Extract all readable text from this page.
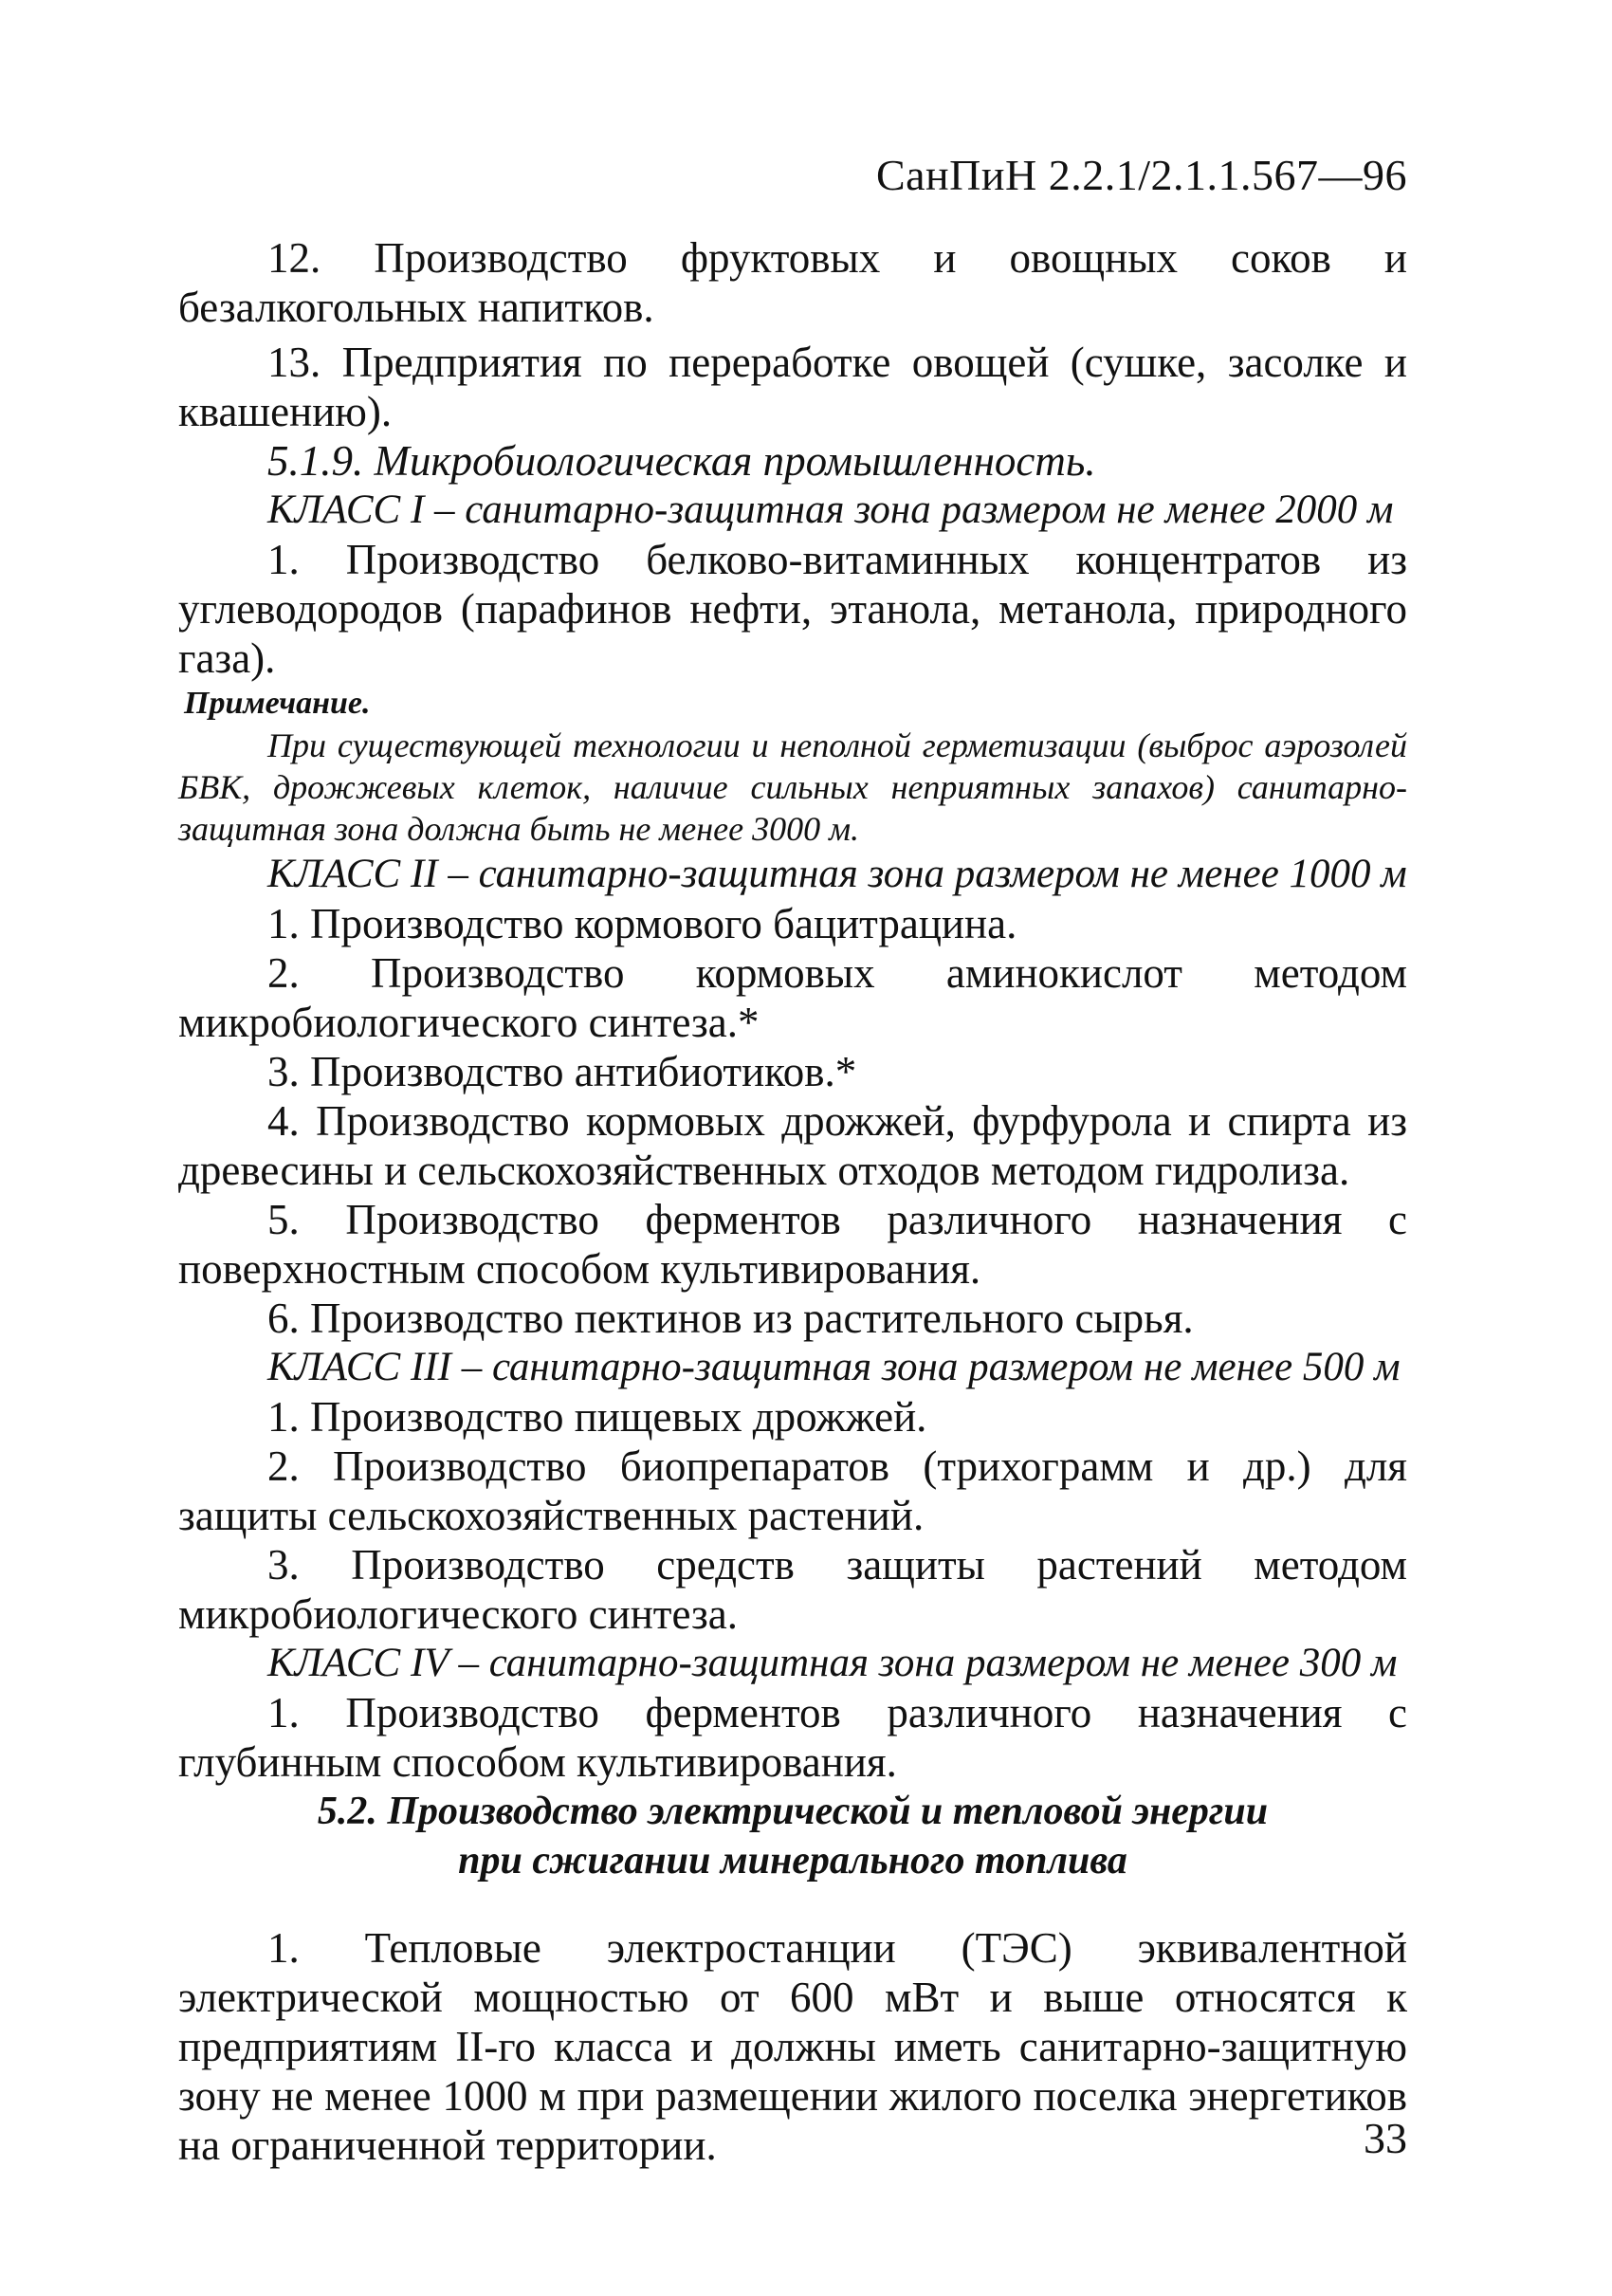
СанПиН 2.2.1/2.1.1.567—96

12. Производство фруктовых и овощных соков и безалкогольных напитков.

13. Предприятия по переработке овощей (сушке, засолке и квашению).

5.1.9. Микробиологическая промышленность.

КЛАСС I – санитарно-защитная зона размером не менее 2000 м

1. Производство белково-витаминных концентратов из углеводородов (парафинов нефти, этанола, метанола, природного газа).

Примечание.

При существующей технологии и неполной герметизации (выброс аэрозолей БВК, дрожжевых клеток, наличие сильных неприятных запахов) санитарно-защитная зона должна быть не менее 3000 м.

КЛАСС II – санитарно-защитная зона размером не менее 1000 м

1. Производство кормового бацитрацина.

2. Производство кормовых аминокислот методом микробиологического синтеза.*

3. Производство антибиотиков.*

4. Производство кормовых дрожжей, фурфурола и спирта из древесины и сельскохозяйственных отходов методом гидролиза.

5. Производство ферментов различного назначения с поверхностным способом культивирования.

6. Производство пектинов из растительного сырья.

КЛАСС III – санитарно-защитная зона размером не менее 500 м

1. Производство пищевых дрожжей.

2. Производство биопрепаратов (трихограмм и др.) для защиты сельскохозяйственных растений.

3. Производство средств защиты растений методом микробиологического синтеза.

КЛАСС IV – санитарно-защитная зона размером не менее 300 м

1. Производство ферментов различного назначения с глубинным способом культивирования.

5.2. Производство электрической и тепловой энергии

при сжигании минерального топлива

1. Тепловые электростанции (ТЭС) эквивалентной электрической мощностью от 600 мВт и выше относятся к предприятиям II-го класса и должны иметь санитарно-защитную зону не менее 1000 м при размещении жилого поселка энергетиков на ограниченной территории.	33
